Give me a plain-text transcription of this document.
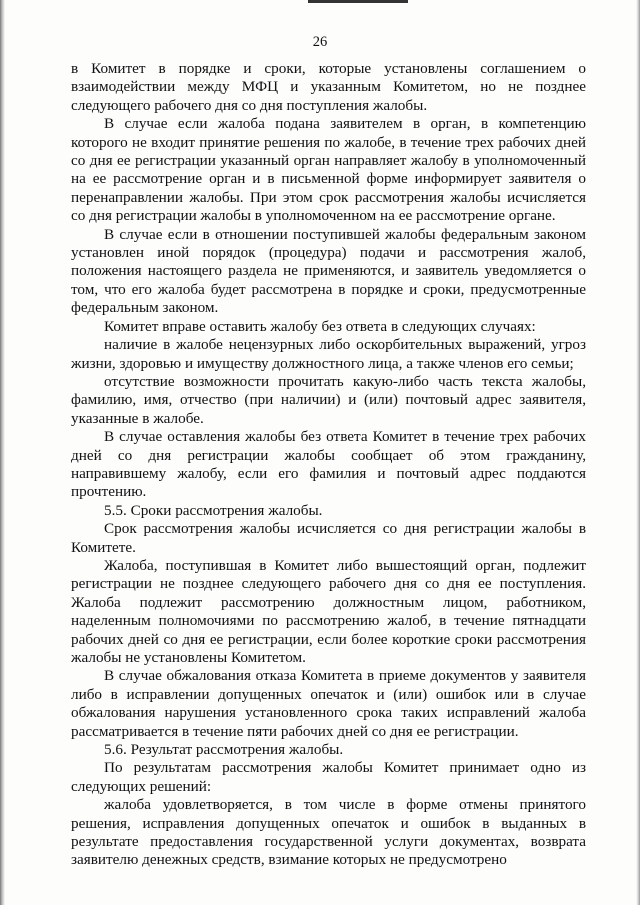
26

в Комитет в порядке и сроки, которые установлены соглашением о взаимодействии между МФЦ и указанным Комитетом, но не позднее следующего рабочего дня со дня поступления жалобы.

В случае если жалоба подана заявителем в орган, в компетенцию которого не входит принятие решения по жалобе, в течение трех рабочих дней со дня ее регистрации указанный орган направляет жалобу в уполномоченный на ее рассмотрение орган и в письменной форме информирует заявителя о перенаправлении жалобы. При этом срок рассмотрения жалобы исчисляется со дня регистрации жалобы в уполномоченном на ее рассмотрение органе.

В случае если в отношении поступившей жалобы федеральным законом установлен иной порядок (процедура) подачи и рассмотрения жалоб, положения настоящего раздела не применяются, и заявитель уведомляется о том, что его жалоба будет рассмотрена в порядке и сроки, предусмотренные федеральным законом.

Комитет вправе оставить жалобу без ответа в следующих случаях:

наличие в жалобе нецензурных либо оскорбительных выражений, угроз жизни, здоровью и имуществу должностного лица, а также членов его семьи;

отсутствие возможности прочитать какую-либо часть текста жалобы, фамилию, имя, отчество (при наличии) и (или) почтовый адрес заявителя, указанные в жалобе.

В случае оставления жалобы без ответа Комитет в течение трех рабочих дней со дня регистрации жалобы сообщает об этом гражданину, направившему жалобу, если его фамилия и почтовый адрес поддаются прочтению.

5.5. Сроки рассмотрения жалобы.

Срок рассмотрения жалобы исчисляется со дня регистрации жалобы в Комитете.

Жалоба, поступившая в Комитет либо вышестоящий орган, подлежит регистрации не позднее следующего рабочего дня со дня ее поступления. Жалоба подлежит рассмотрению должностным лицом, работником, наделенным полномочиями по рассмотрению жалоб, в течение пятнадцати рабочих дней со дня ее регистрации, если более короткие сроки рассмотрения жалобы не установлены Комитетом.

В случае обжалования отказа Комитета в приеме документов у заявителя либо в исправлении допущенных опечаток и (или) ошибок или в случае обжалования нарушения установленного срока таких исправлений жалоба рассматривается в течение пяти рабочих дней со дня ее регистрации.

5.6. Результат рассмотрения жалобы.

По результатам рассмотрения жалобы Комитет принимает одно из следующих решений:

жалоба удовлетворяется, в том числе в форме отмены принятого решения, исправления допущенных опечаток и ошибок в выданных в результате предоставления государственной услуги документах, возврата заявителю денежных средств, взимание которых не предусмотрено
